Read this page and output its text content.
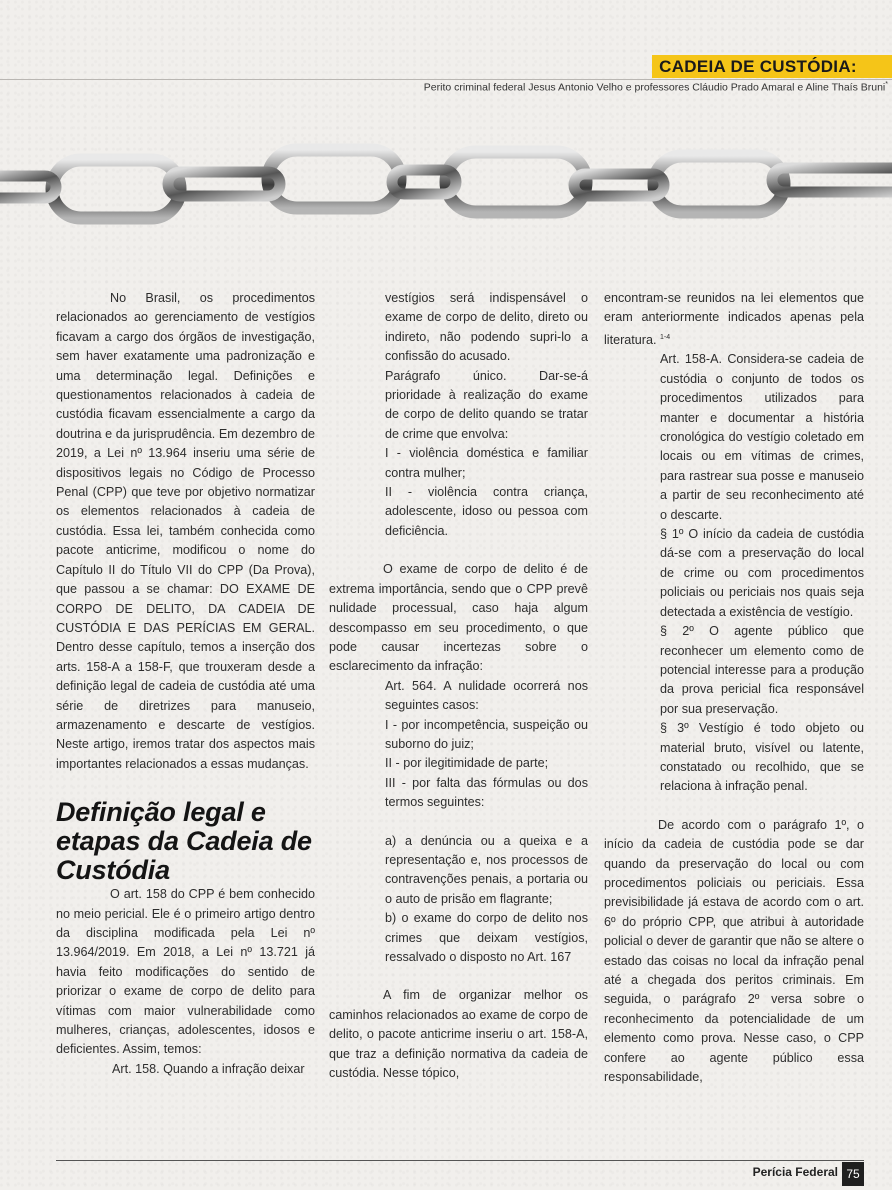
CADEIA DE CUSTÓDIA:
Perito criminal federal Jesus Antonio Velho e professores Cláudio Prado Amaral e Aline Thaís Bruni*

No Brasil, os procedimentos relacionados ao gerenciamento de vestígios ficavam a cargo dos órgãos de investigação, sem haver exatamente uma padronização e uma determinação legal. Definições e questionamentos relacionados à cadeia de custódia ficavam essencialmente a cargo da doutrina e da jurisprudência. Em dezembro de 2019, a Lei nº 13.964 inseriu uma série de dispositivos legais no Código de Processo Penal (CPP) que teve por objetivo normatizar os elementos relacionados à cadeia de custódia. Essa lei, também conhecida como pacote anticrime, modificou o nome do Capítulo II do Título VII do CPP (Da Prova), que passou a se chamar: DO EXAME DE CORPO DE DELITO, DA CADEIA DE CUSTÓDIA E DAS PERÍCIAS EM GERAL. Dentro desse capítulo, temos a inserção dos arts. 158-A a 158-F, que trouxeram desde a definição legal de cadeia de custódia até uma série de diretrizes para manuseio, armazenamento e descarte de vestígios. Neste artigo, iremos tratar dos aspectos mais importantes relacionados a essas mudanças.

Definição legal e etapas da Cadeia de Custódia

O art. 158 do CPP é bem conhecido no meio pericial. Ele é o primeiro artigo dentro da disciplina modificada pela Lei nº 13.964/2019. Em 2018, a Lei nº 13.721 já havia feito modificações do sentido de priorizar o exame de corpo de delito para vítimas com maior vulnerabilidade como mulheres, crianças, adolescentes, idosos e deficientes. Assim, temos:

Art. 158. Quando a infração deixar

vestígios será indispensável o exame de corpo de delito, direto ou indireto, não podendo supri-lo a confissão do acusado.

Parágrafo único. Dar-se-á prioridade à realização do exame de corpo de delito quando se tratar de crime que envolva:

I - violência doméstica e familiar contra mulher;

II - violência contra criança, adolescente, idoso ou pessoa com deficiência.

O exame de corpo de delito é de extrema importância, sendo que o CPP prevê nulidade processual, caso haja algum descompasso em seu procedimento, o que pode causar incertezas sobre o esclarecimento da infração:

Art. 564. A nulidade ocorrerá nos seguintes casos:

I - por incompetência, suspeição ou suborno do juiz;

II - por ilegitimidade de parte;

III - por falta das fórmulas ou dos termos seguintes:

a) a denúncia ou a queixa e a representação e, nos processos de contravenções penais, a portaria ou o auto de prisão em flagrante;

b) o exame do corpo de delito nos crimes que deixam vestígios, ressalvado o disposto no Art. 167

A fim de organizar melhor os caminhos relacionados ao exame de corpo de delito, o pacote anticrime inseriu o art. 158-A, que traz a definição normativa da cadeia de custódia. Nesse tópico,

encontram-se reunidos na lei elementos que eram anteriormente indicados apenas pela literatura. $^{1-4}$

Art. 158-A. Considera-se cadeia de custódia o conjunto de todos os procedimentos utilizados para manter e documentar a história cronológica do vestígio coletado em locais ou em vítimas de crimes, para rastrear sua posse e manuseio a partir de seu reconhecimento até o descarte.

§ 1º O início da cadeia de custódia dá-se com a preservação do local de crime ou com procedimentos policiais ou periciais nos quais seja detectada a existência de vestígio.

§ 2º O agente público que reconhecer um elemento como de potencial interesse para a produção da prova pericial fica responsável por sua preservação.

§ 3º Vestígio é todo objeto ou material bruto, visível ou latente, constatado ou recolhido, que se relaciona à infração penal.

De acordo com o parágrafo 1º, o início da cadeia de custódia pode se dar quando da preservação do local ou com procedimentos policiais ou periciais. Essa previsibilidade já estava de acordo com o art. 6º do próprio CPP, que atribui à autoridade policial o dever de garantir que não se altere o estado das coisas no local da infração penal até a chegada dos peritos criminais. Em seguida, o parágrafo 2º versa sobre o reconhecimento da potencialidade de um elemento como prova. Nesse caso, o CPP confere ao agente público essa responsabilidade,

Perícia Federal 75
